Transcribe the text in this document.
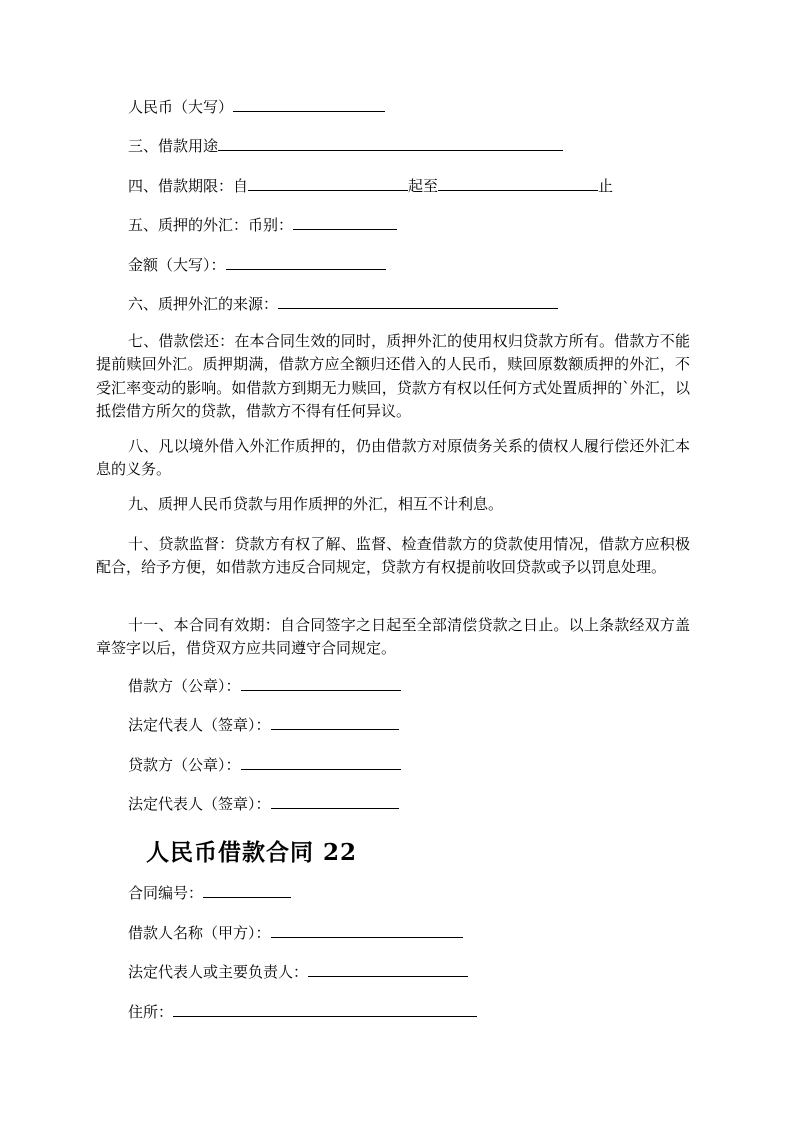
人民币（大写）
三、借款用途
四、借款期限：自	起至	止
五、质押的外汇：币别：
金额（大写）：
六、质押外汇的来源：
七、借款偿还：在本合同生效的同时，质押外汇的使用权归贷款方所有。借款方不能提前赎回外汇。质押期满，借款方应全额归还借入的人民币，赎回原数额质押的外汇，不受汇率变动的影响。如借款方到期无力赎回，贷款方有权以任何方式处置质押的`外汇，以抵偿借方所欠的贷款，借款方不得有任何异议。
八、凡以境外借入外汇作质押的，仍由借款方对原债务关系的债权人履行偿还外汇本息的义务。
九、质押人民币贷款与用作质押的外汇，相互不计利息。
十、贷款监督：贷款方有权了解、监督、检查借款方的贷款使用情况，借款方应积极配合，给予方便，如借款方违反合同规定，贷款方有权提前收回贷款或予以罚息处理。
十一、本合同有效期：自合同签字之日起至全部清偿贷款之日止。以上条款经双方盖章签字以后，借贷双方应共同遵守合同规定。
借款方（公章）：
法定代表人（签章）：
贷款方（公章）：
法定代表人（签章）：
人民币借款合同 22
合同编号：
借款人名称（甲方）：
法定代表人或主要负责人：
住所：
